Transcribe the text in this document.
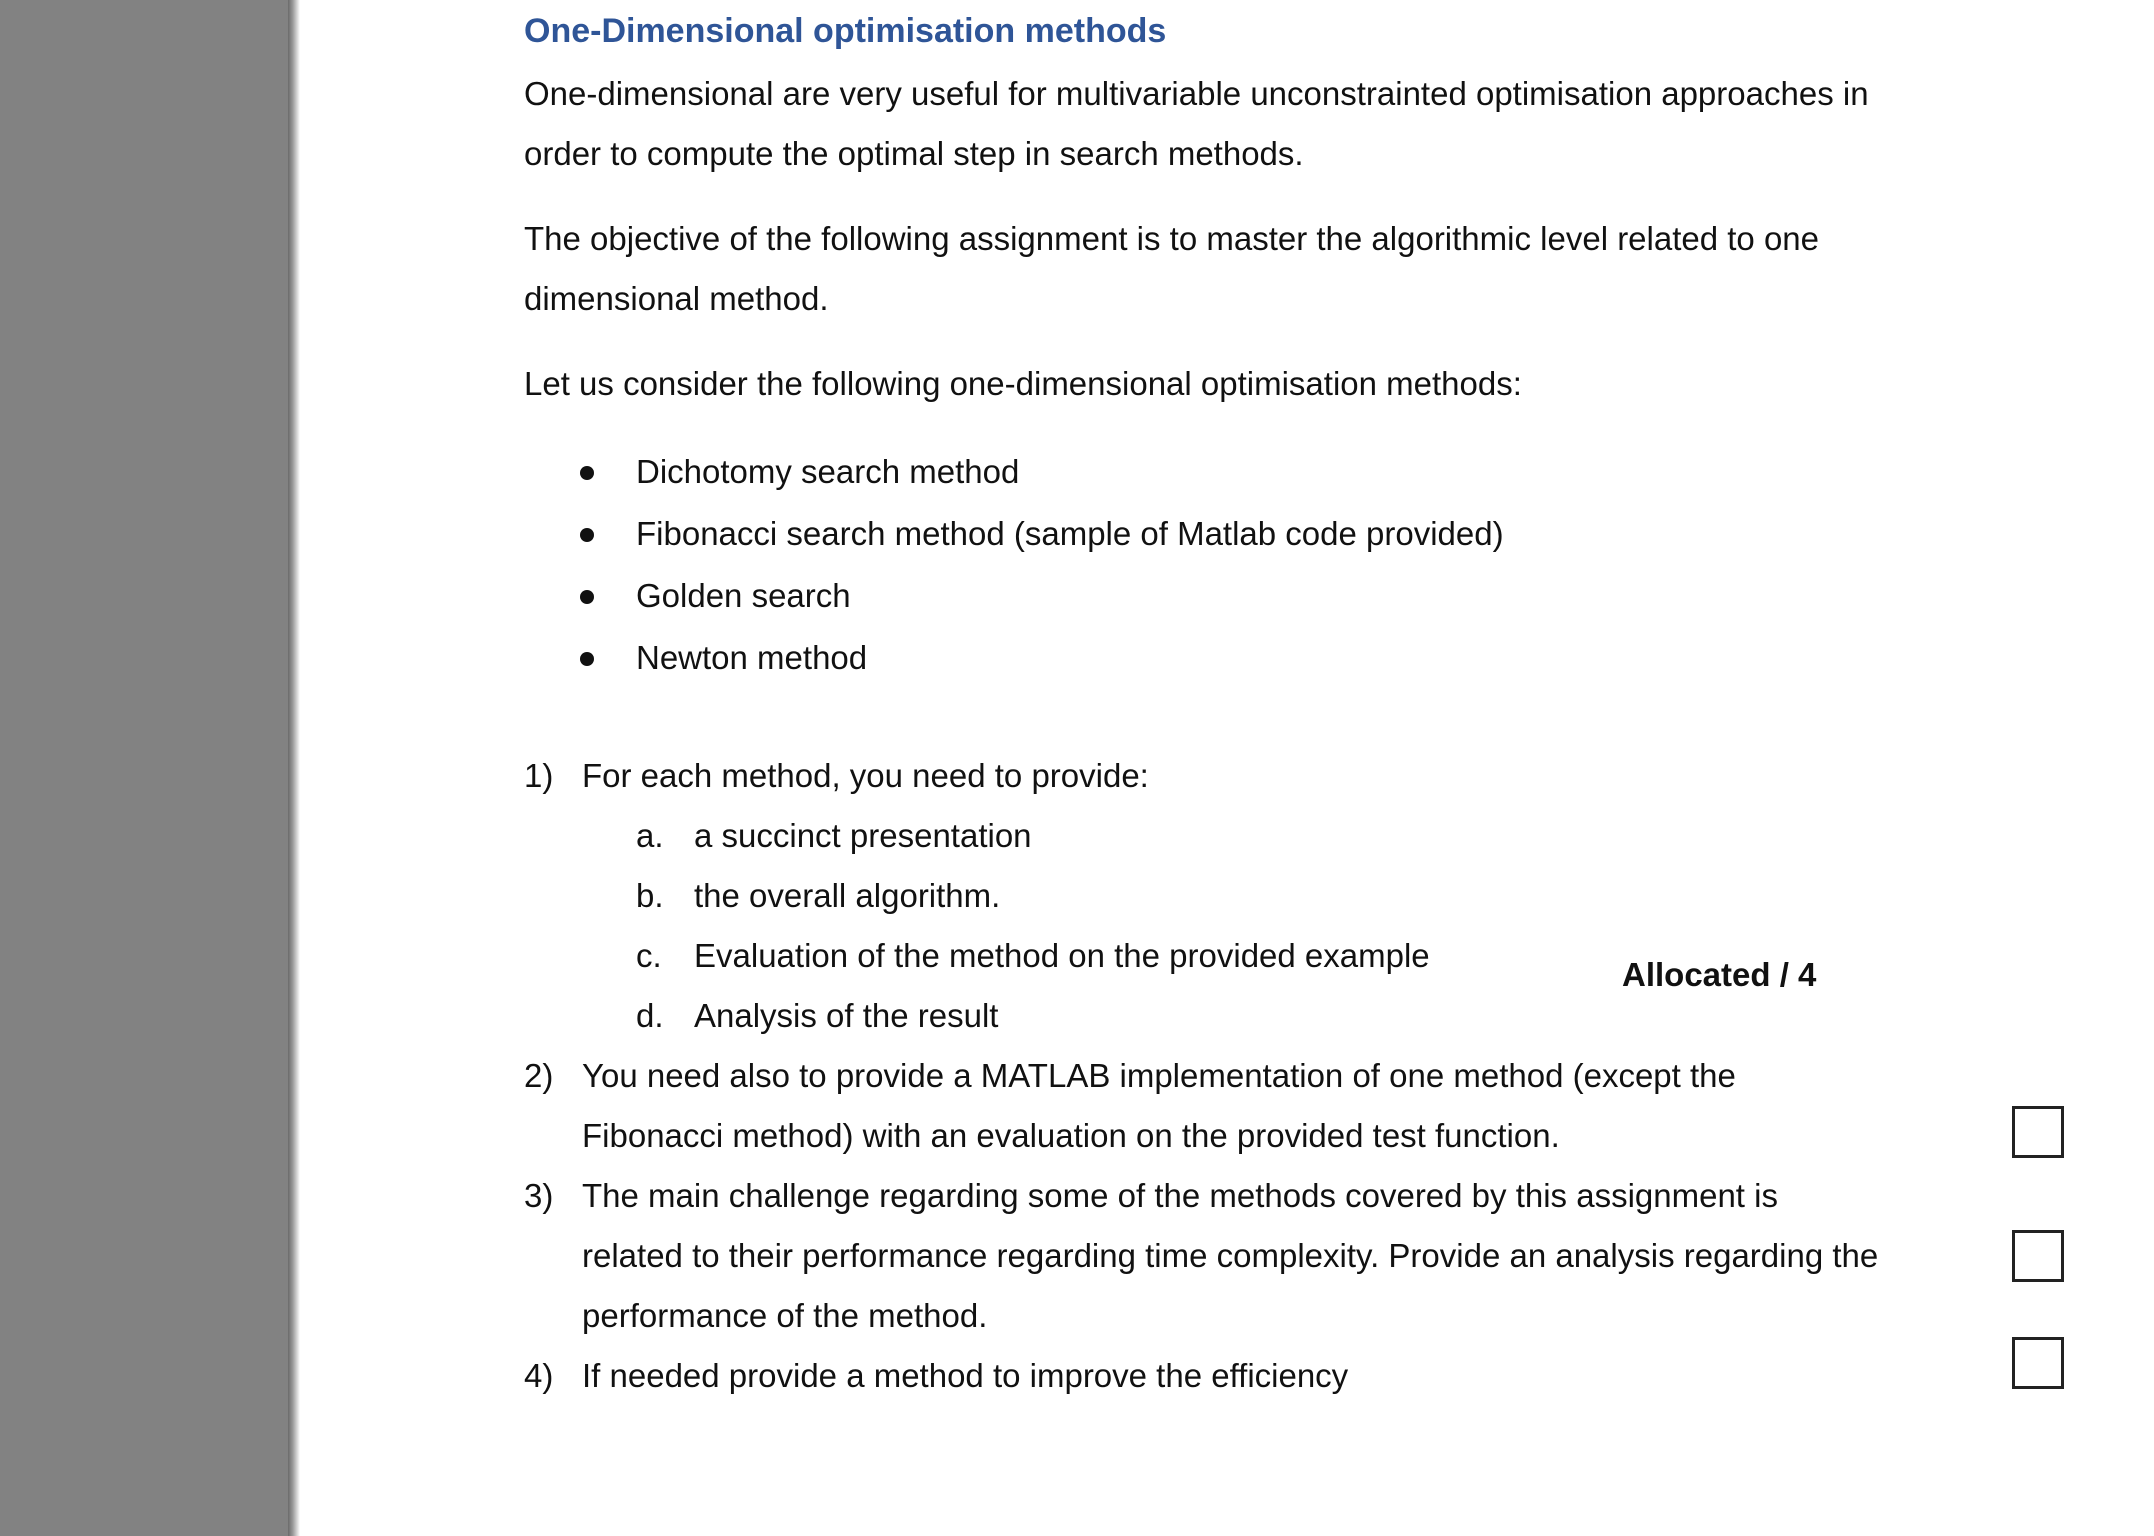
One-Dimensional optimisation methods
One-dimensional are very useful for multivariable unconstrainted optimisation approaches in
order to compute the optimal step in search methods.
The objective of the following assignment is to master the algorithmic level related to one
dimensional method.
Let us consider the following one-dimensional optimisation methods:
Dichotomy search method
Fibonacci search method (sample of Matlab code provided)
Golden search
Newton method
1) For each method, you need to provide:
a. a succinct presentation
b. the overall algorithm.
c. Evaluation of the method on the provided example
d. Analysis of the result
Allocated / 4
2) You need also to provide a MATLAB implementation of one method (except the
Fibonacci method) with an evaluation on the provided test function.
3) The main challenge regarding some of the methods covered by this assignment is
related to their performance regarding time complexity. Provide an analysis regarding the
performance of the method.
4) If needed provide a method to improve the efficiency
